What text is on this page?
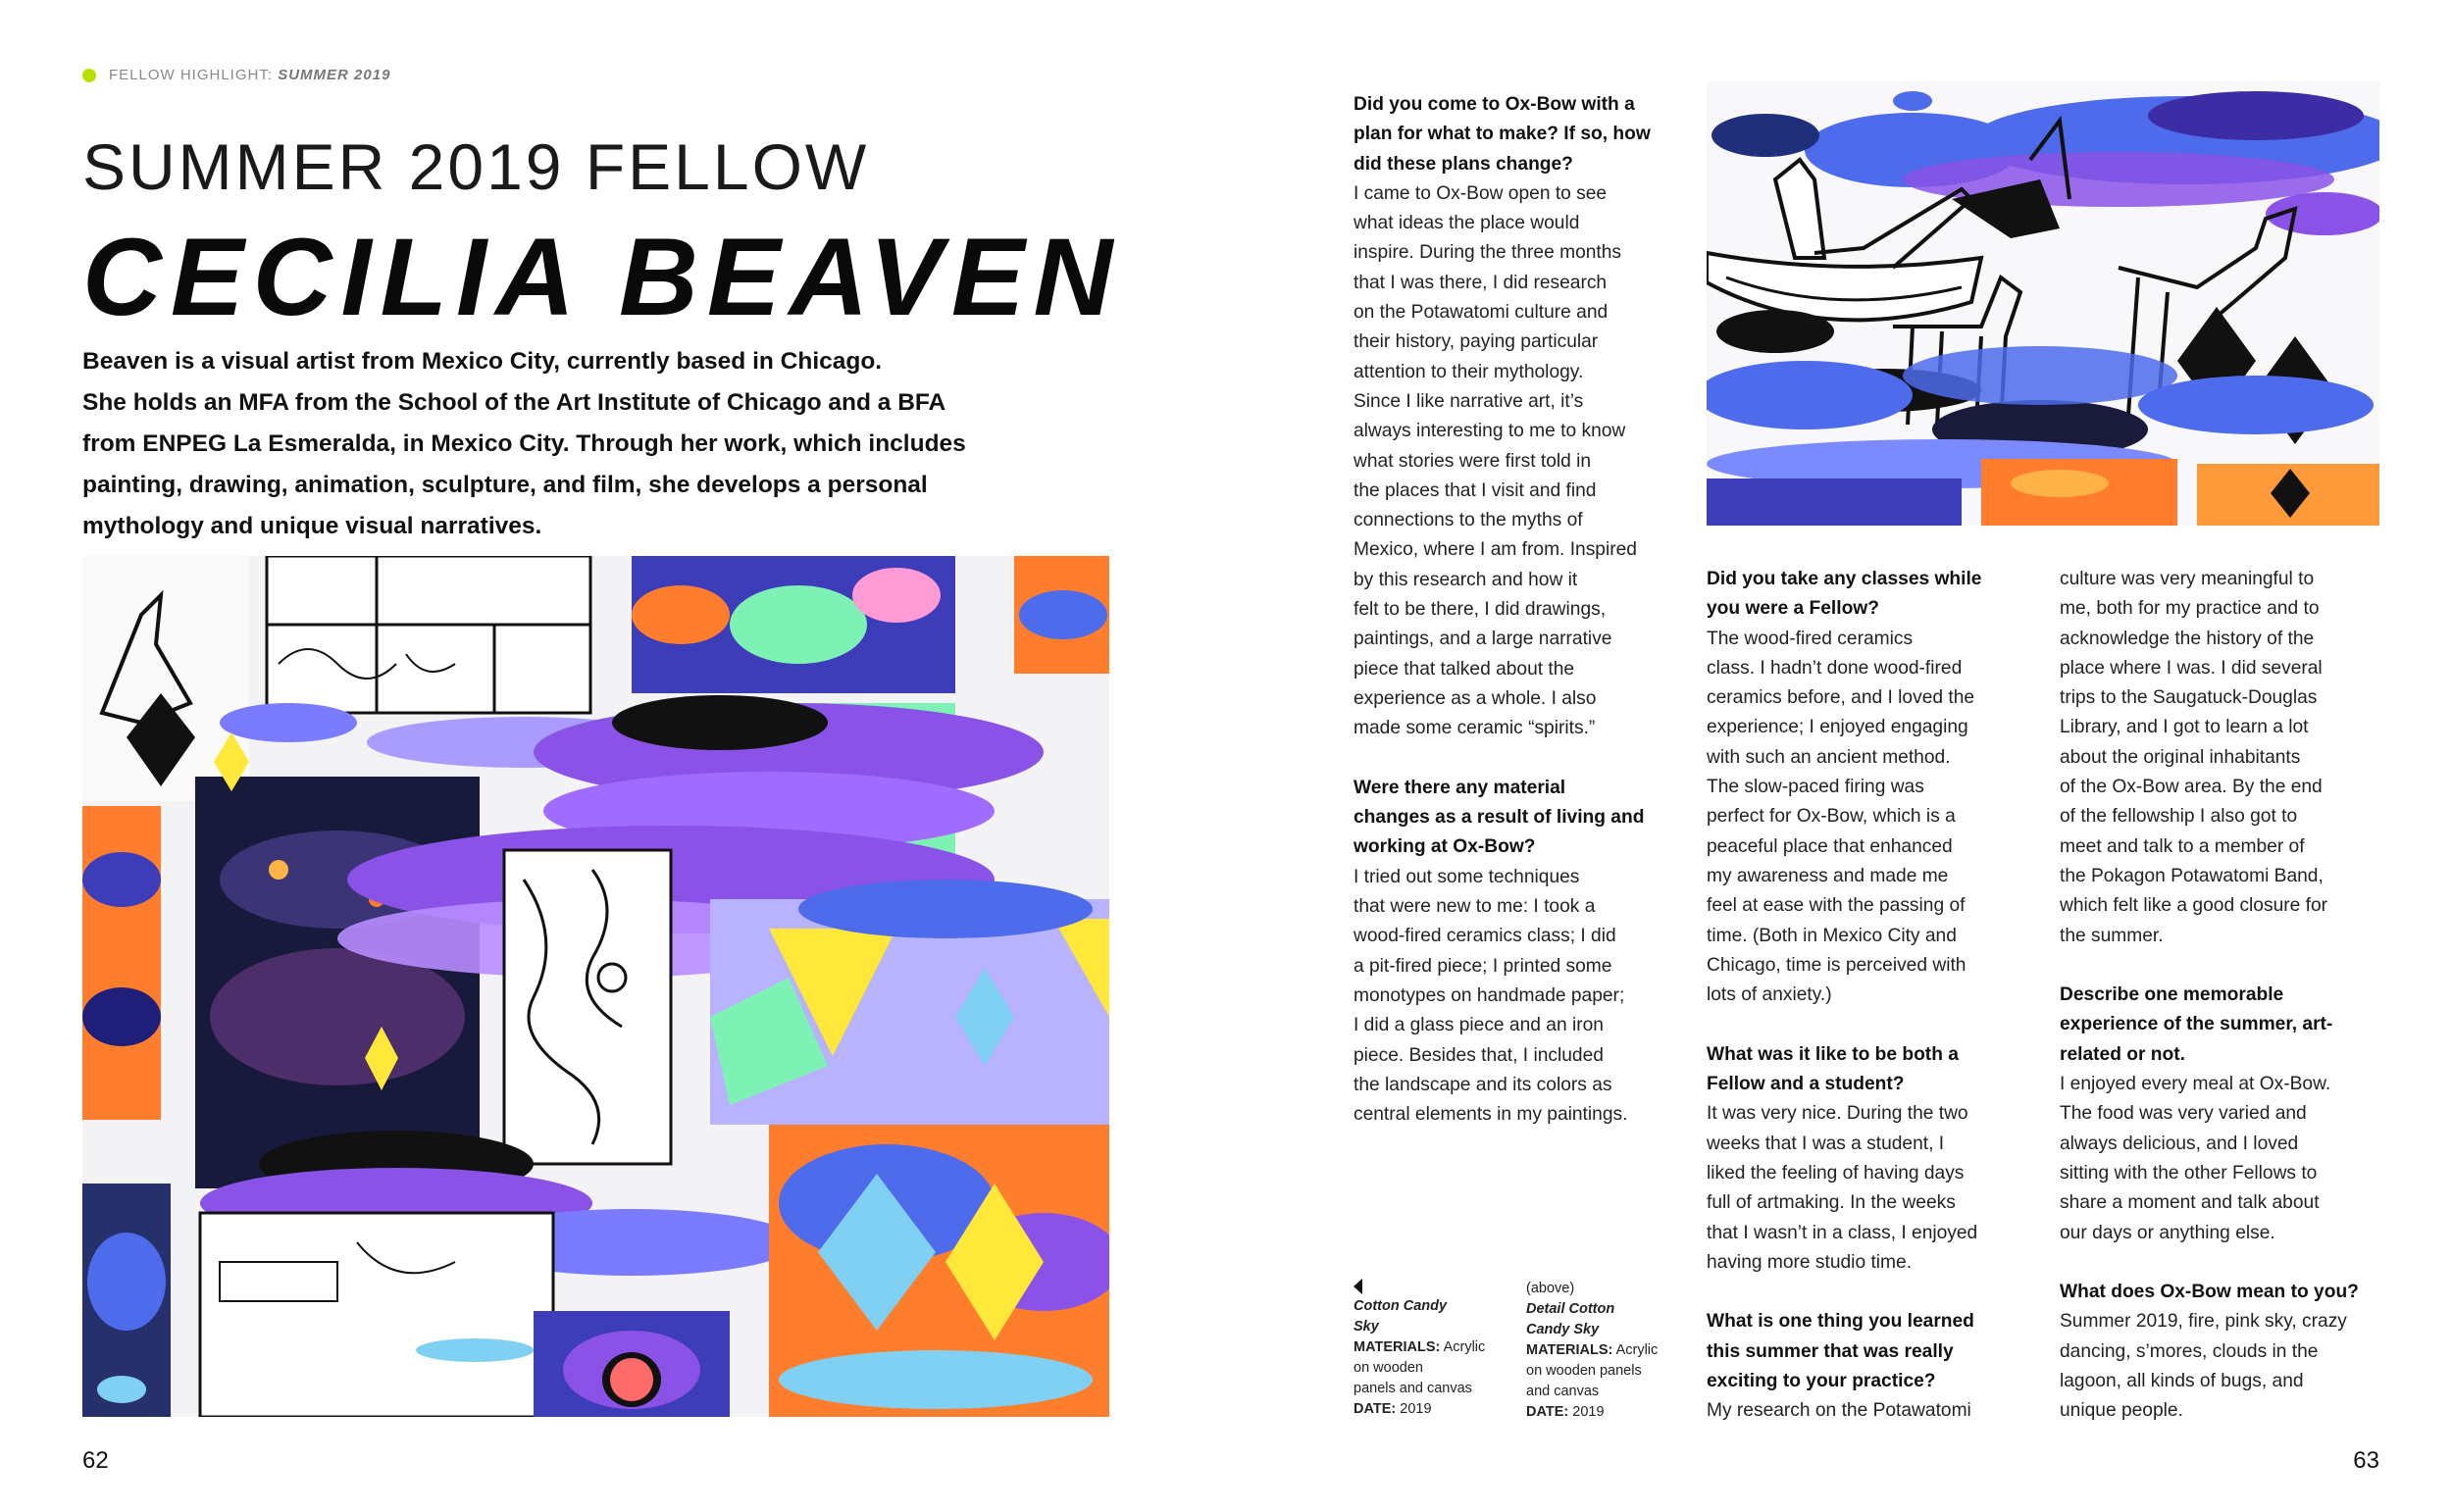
FELLOW HIGHLIGHT: SUMMER 2019
SUMMER 2019 FELLOW
CECILIA BEAVEN
Beaven is a visual artist from Mexico City, currently based in Chicago.
She holds an MFA from the School of the Art Institute of Chicago and a BFA
from ENPEG La Esmeralda, in Mexico City. Through her work, which includes
painting, drawing, animation, sculpture, and film, she develops a personal
mythology and unique visual narratives.
62
Did you come to Ox-Bow with a
plan for what to make? If so, how
did these plans change?
I came to Ox-Bow open to see
what ideas the place would
inspire. During the three months
that I was there, I did research
on the Potawatomi culture and
their history, paying particular
attention to their mythology.
Since I like narrative art, it’s
always interesting to me to know
what stories were first told in
the places that I visit and find
connections to the myths of
Mexico, where I am from. Inspired
by this research and how it
felt to be there, I did drawings,
paintings, and a large narrative
piece that talked about the
experience as a whole. I also
made some ceramic “spirits.”
Were there any material
changes as a result of living and
working at Ox-Bow?
I tried out some techniques
that were new to me: I took a
wood-fired ceramics class; I did
a pit-fired piece; I printed some
monotypes on handmade paper;
I did a glass piece and an iron
piece. Besides that, I included
the landscape and its colors as
central elements in my paintings.
Did you take any classes while
you were a Fellow?
The wood-fired ceramics
class. I hadn’t done wood-fired
ceramics before, and I loved the
experience; I enjoyed engaging
with such an ancient method.
The slow-paced firing was
perfect for Ox-Bow, which is a
peaceful place that enhanced
my awareness and made me
feel at ease with the passing of
time. (Both in Mexico City and
Chicago, time is perceived with
lots of anxiety.)
What was it like to be both a
Fellow and a student?
It was very nice. During the two
weeks that I was a student, I
liked the feeling of having days
full of artmaking. In the weeks
that I wasn’t in a class, I enjoyed
having more studio time.
What is one thing you learned
this summer that was really
exciting to your practice?
My research on the Potawatomi
culture was very meaningful to
me, both for my practice and to
acknowledge the history of the
place where I was. I did several
trips to the Saugatuck-Douglas
Library, and I got to learn a lot
about the original inhabitants
of the Ox-Bow area. By the end
of the fellowship I also got to
meet and talk to a member of
the Pokagon Potawatomi Band,
which felt like a good closure for
the summer.
Describe one memorable
experience of the summer, art-
related or not.
I enjoyed every meal at Ox-Bow.
The food was very varied and
always delicious, and I loved
sitting with the other Fellows to
share a moment and talk about
our days or anything else.
What does Ox-Bow mean to you?
Summer 2019, fire, pink sky, crazy
dancing, s’mores, clouds in the
lagoon, all kinds of bugs, and
unique people.
Cotton Candy
Sky
MATERIALS: Acrylic
on wooden
panels and canvas
DATE: 2019
(above)
Detail Cotton
Candy Sky
MATERIALS: Acrylic
on wooden panels
and canvas
DATE: 2019
63
